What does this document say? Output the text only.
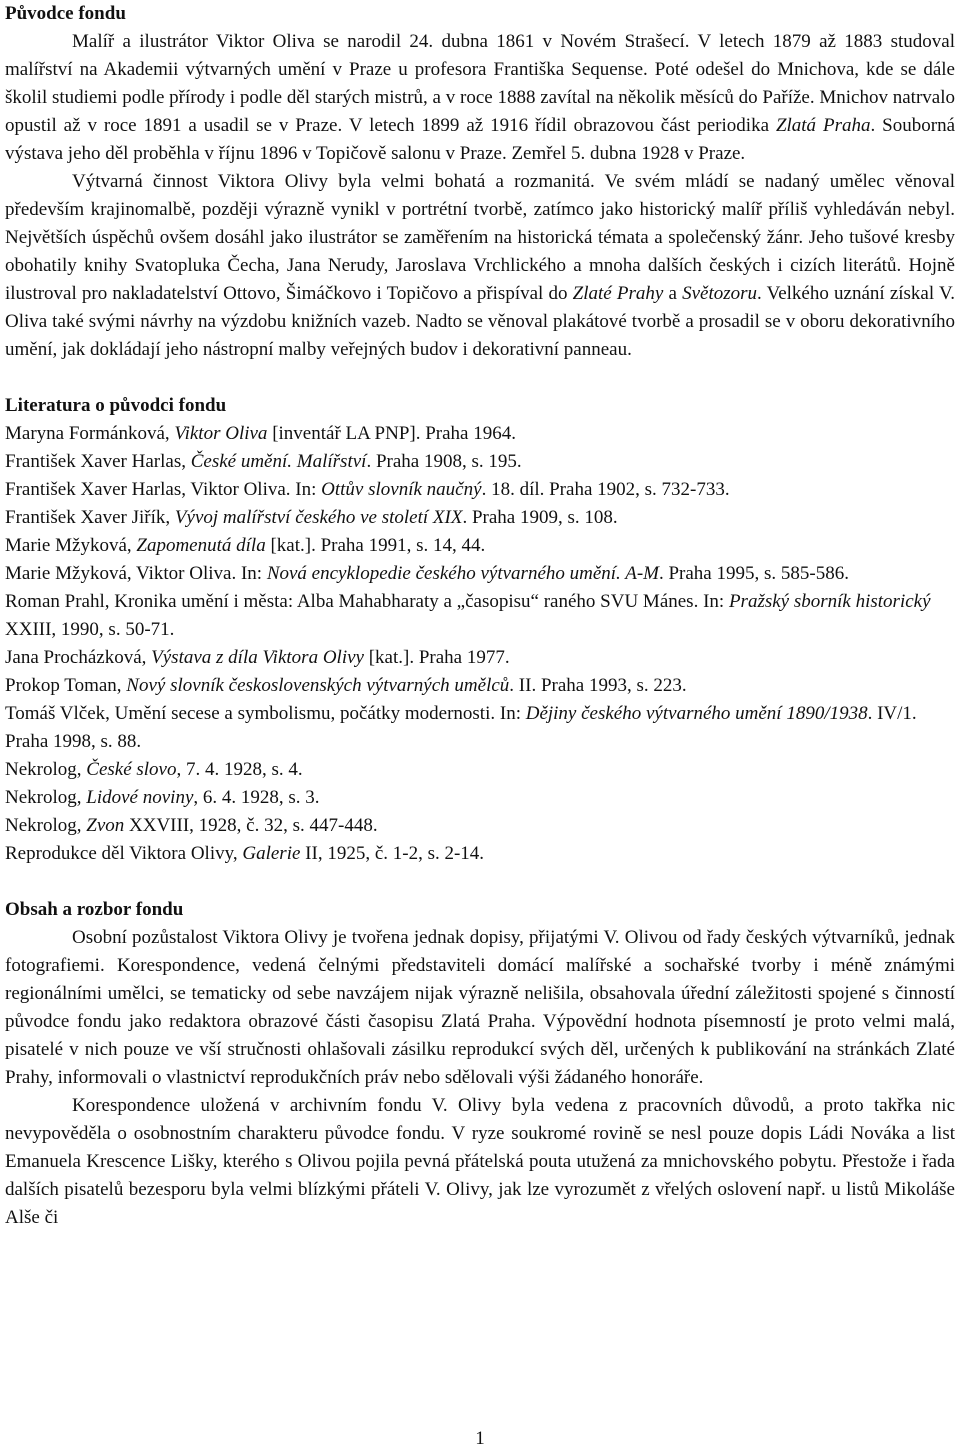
Původce fondu

Malíř a ilustrátor Viktor Oliva se narodil 24. dubna 1861 v Novém Strašecí. V letech 1879 až 1883 studoval malířství na Akademii výtvarných umění v Praze u profesora Františka Sequense. Poté odešel do Mnichova, kde se dále školil studiemi podle přírody i podle děl starých mistrů, a v roce 1888 zavítal na několik měsíců do Paříže. Mnichov natrvalo opustil až v roce 1891 a usadil se v Praze. V letech 1899 až 1916 řídil obrazovou část periodika Zlatá Praha. Souborná výstava jeho děl proběhla v říjnu 1896 v Topičově salonu v Praze. Zemřel 5. dubna 1928 v Praze.

Výtvarná činnost Viktora Olivy byla velmi bohatá a rozmanitá. Ve svém mládí se nadaný umělec věnoval především krajinomalbě, později výrazně vynikl v portrétní tvorbě, zatímco jako historický malíř příliš vyhledáván nebyl. Největších úspěchů ovšem dosáhl jako ilustrátor se zaměřením na historická témata a společenský žánr. Jeho tušové kresby obohatily knihy Svatopluka Čecha, Jana Nerudy, Jaroslava Vrchlického a mnoha dalších českých i cizích literátů. Hojně ilustroval pro nakladatelství Ottovo, Šimáčkovo i Topičovo a přispíval do Zlaté Prahy a Světozoru. Velkého uznání získal V. Oliva také svými návrhy na výzdobu knižních vazeb. Nadto se věnoval plakátové tvorbě a prosadil se v oboru dekorativního umění, jak dokládají jeho nástropní malby veřejných budov i dekorativní panneau.

Literatura o původci fondu
Maryna Formánková, Viktor Oliva [inventář LA PNP]. Praha 1964.
František Xaver Harlas, České umění. Malířství. Praha 1908, s. 195.
František Xaver Harlas, Viktor Oliva. In: Ottův slovník naučný. 18. díl. Praha 1902, s. 732-733.
František Xaver Jiřík, Vývoj malířství českého ve století XIX. Praha 1909, s. 108.
Marie Mžyková, Zapomenutá díla [kat.]. Praha 1991, s. 14, 44.
Marie Mžyková, Viktor Oliva. In: Nová encyklopedie českého výtvarného umění. A-M. Praha 1995, s. 585-586.
Roman Prahl, Kronika umění i města: Alba Mahabharaty a „časopisu“ raného SVU Mánes. In: Pražský sborník historický XXIII, 1990, s. 50-71.
Jana Procházková, Výstava z díla Viktora Olivy [kat.]. Praha 1977.
Prokop Toman, Nový slovník československých výtvarných umělců. II. Praha 1993, s. 223.
Tomáš Vlček, Umění secese a symbolismu, počátky modernosti. In: Dějiny českého výtvarného umění 1890/1938. IV/1. Praha 1998, s. 88.
Nekrolog, České slovo, 7. 4. 1928, s. 4.
Nekrolog, Lidové noviny, 6. 4. 1928, s. 3.
Nekrolog, Zvon XXVIII, 1928, č. 32, s. 447-448.
Reprodukce děl Viktora Olivy, Galerie II, 1925, č. 1-2, s. 2-14.
Obsah a rozbor fondu

Osobní pozůstalost Viktora Olivy je tvořena jednak dopisy, přijatými V. Olivou od řady českých výtvarníků, jednak fotografiemi. Korespondence, vedená čelnými představiteli domácí malířské a sochařské tvorby i méně známými regionálními umělci, se tematicky od sebe navzájem nijak výrazně nelišila, obsahovala úřední záležitosti spojené s činností původce fondu jako redaktora obrazové části časopisu Zlatá Praha. Výpovědní hodnota písemností je proto velmi malá, pisatelé v nich pouze ve vší stručnosti ohlašovali zásilku reprodukcí svých děl, určených k publikování na stránkách Zlaté Prahy, informovali o vlastnictví reprodukčních práv nebo sdělovali výši žádaného honoráře.

Korespondence uložená v archivním fondu V. Olivy byla vedena z pracovních důvodů, a proto takřka nic nevypověděla o osobnostním charakteru původce fondu. V ryze soukromé rovině se nesl pouze dopis Ládi Nováka a list Emanuela Krescence Lišky, kterého s Olivou pojila pevná přátelská pouta utužená za mnichovského pobytu. Přestože i řada dalších pisatelů bezesporu byla velmi blízkými přáteli V. Olivy, jak lze vyrozumět z vřelých oslovení např. u listů Mikoláše Alše či

1
